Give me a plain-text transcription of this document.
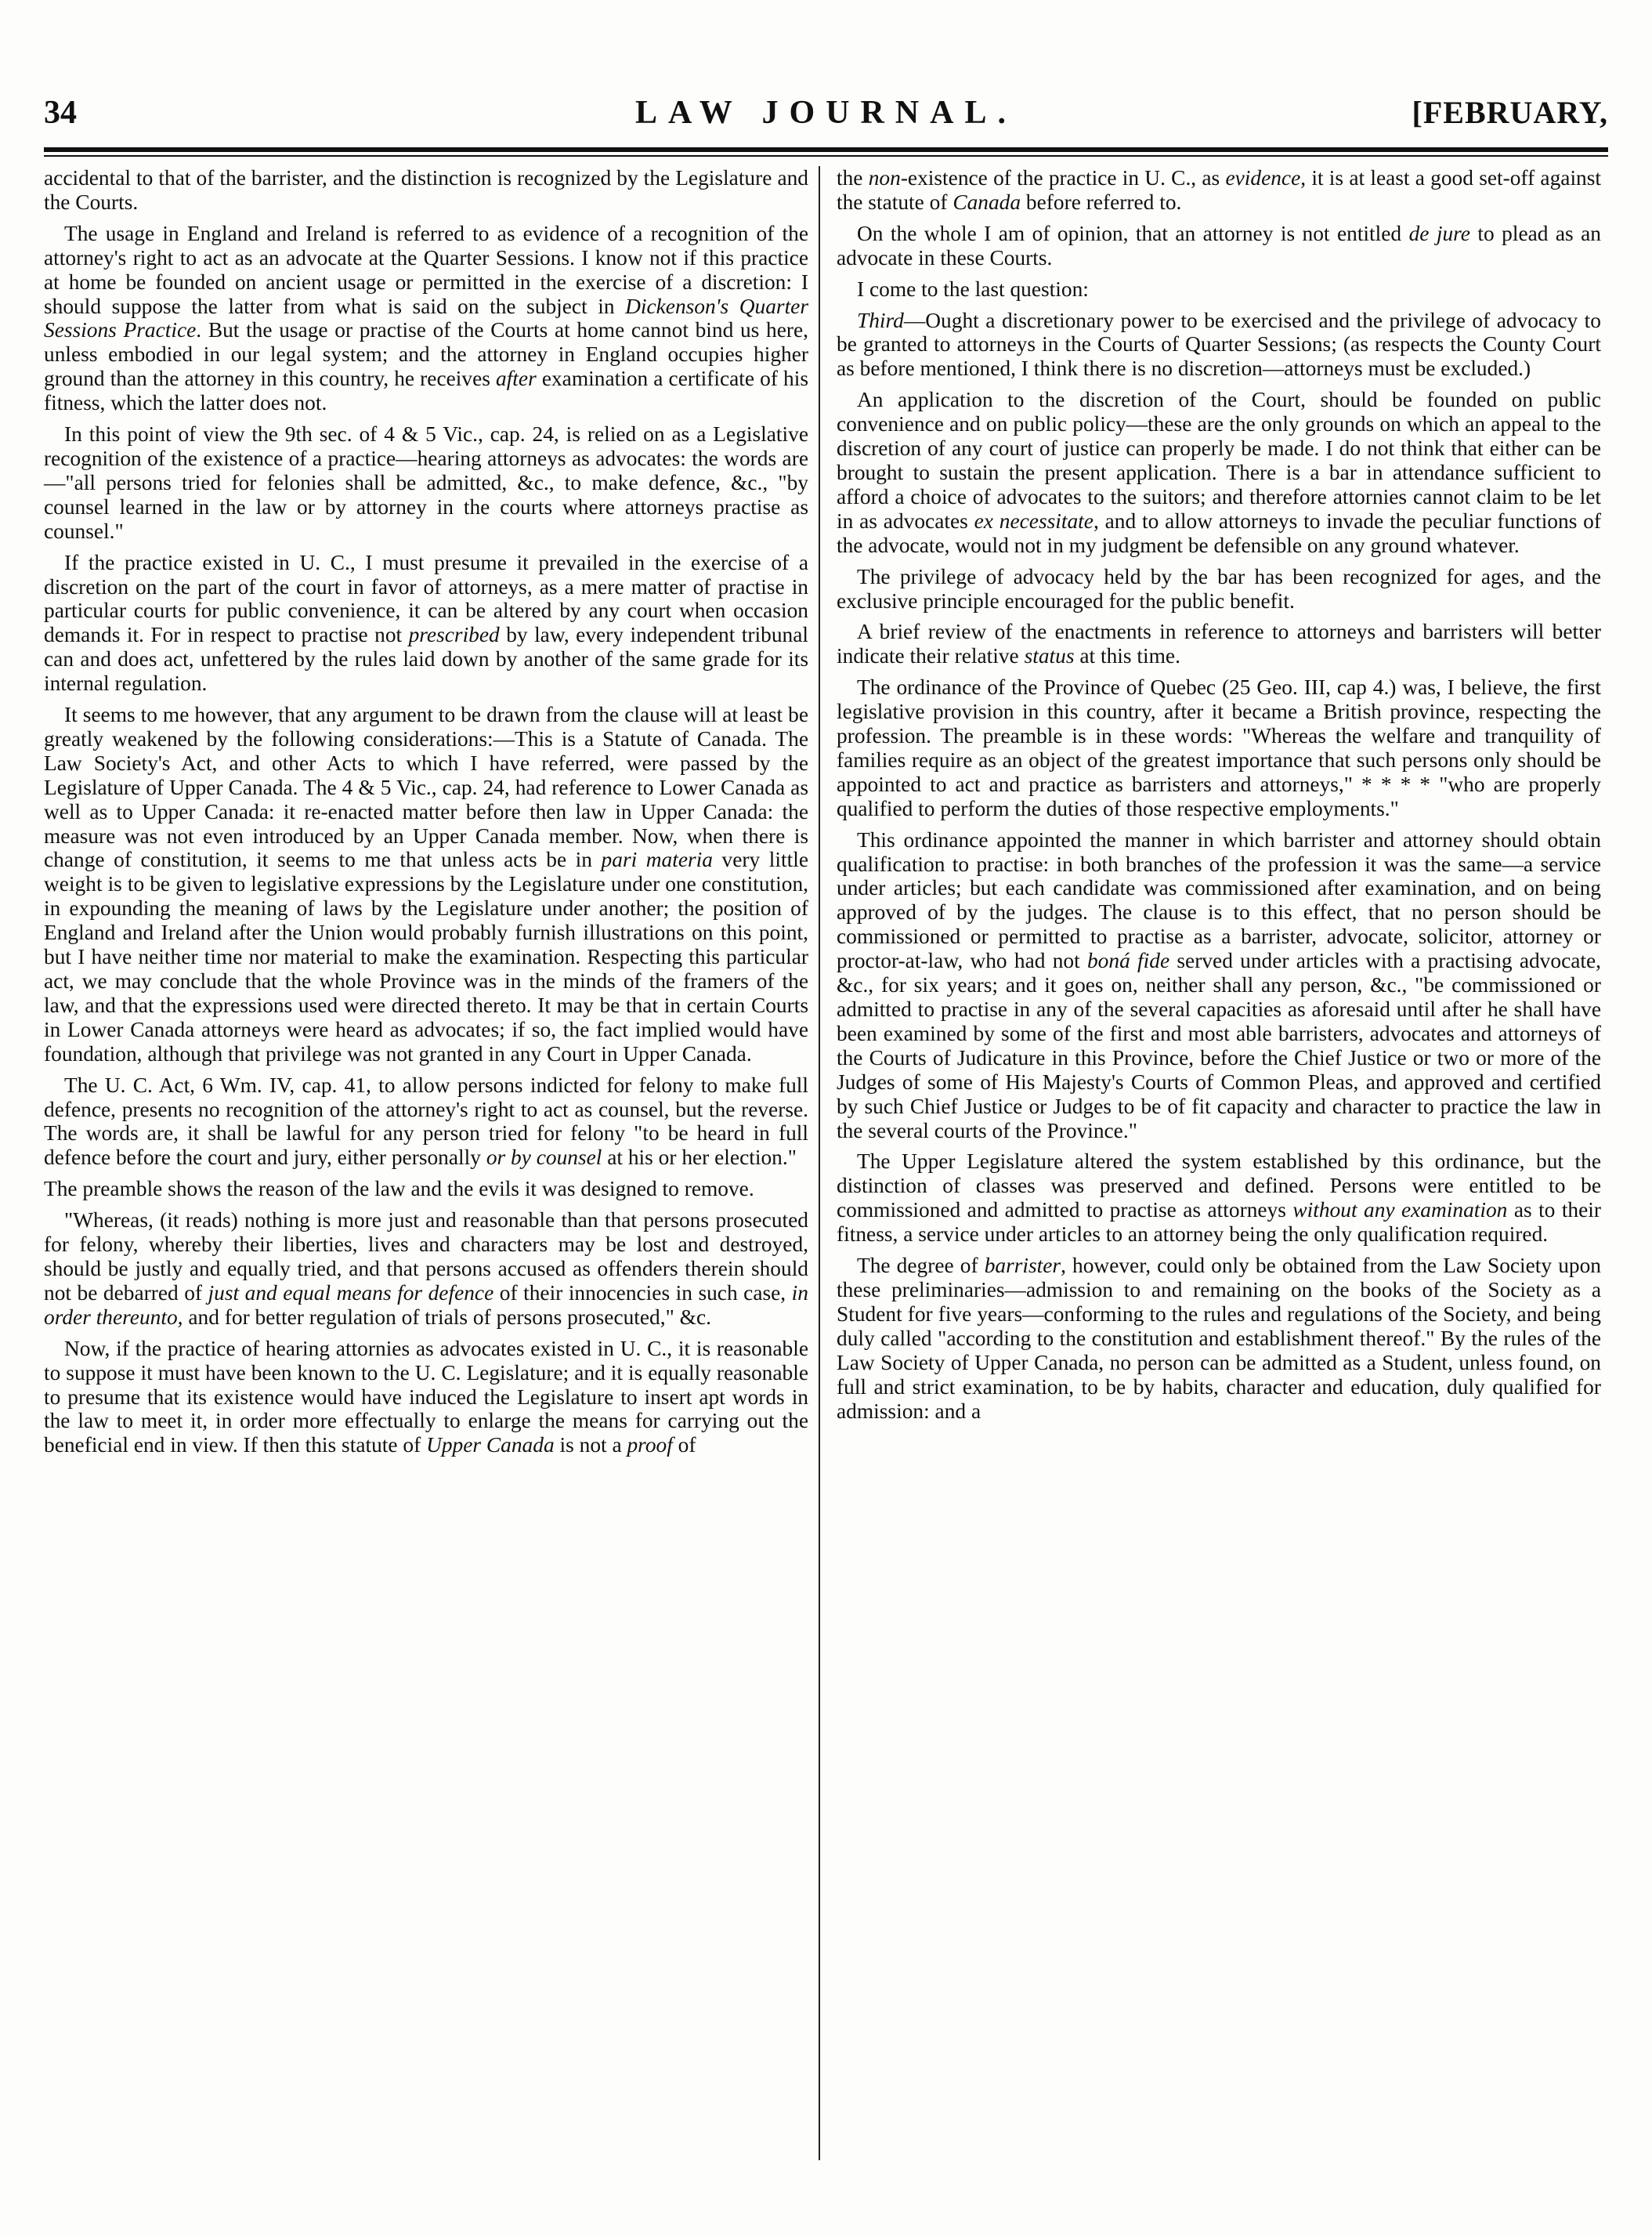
34	LAW JOURNAL.	[FEBRUARY,

accidental to that of the barrister, and the distinction is recognized by the Legislature and the Courts.

The usage in England and Ireland is referred to as evidence of a recognition of the attorney's right to act as an advocate at the Quarter Sessions. I know not if this practice at home be founded on ancient usage or permitted in the exercise of a discretion: I should suppose the latter from what is said on the subject in Dickenson's Quarter Sessions Practice. But the usage or practise of the Courts at home cannot bind us here, unless embodied in our legal system; and the attorney in England occupies higher ground than the attorney in this country, he receives after examination a certificate of his fitness, which the latter does not.

In this point of view the 9th sec. of 4 & 5 Vic., cap. 24, is relied on as a Legislative recognition of the existence of a practice—hearing attorneys as advocates: the words are—"all persons tried for felonies shall be admitted, &c., to make defence, &c., "by counsel learned in the law or by attorney in the courts where attorneys practise as counsel."

If the practice existed in U. C., I must presume it prevailed in the exercise of a discretion on the part of the court in favor of attorneys, as a mere matter of practise in particular courts for public convenience, it can be altered by any court when occasion demands it. For in respect to practise not prescribed by law, every independent tribunal can and does act, unfettered by the rules laid down by another of the same grade for its internal regulation.

It seems to me however, that any argument to be drawn from the clause will at least be greatly weakened by the following considerations:—This is a Statute of Canada. The Law Society's Act, and other Acts to which I have referred, were passed by the Legislature of Upper Canada. The 4 & 5 Vic., cap. 24, had reference to Lower Canada as well as to Upper Canada: it re-enacted matter before then law in Upper Canada: the measure was not even introduced by an Upper Canada member. Now, when there is change of constitution, it seems to me that unless acts be in pari materia very little weight is to be given to legislative expressions by the Legislature under one constitution, in expounding the meaning of laws by the Legislature under another; the position of England and Ireland after the Union would probably furnish illustrations on this point, but I have neither time nor material to make the examination. Respecting this particular act, we may conclude that the whole Province was in the minds of the framers of the law, and that the expressions used were directed thereto. It may be that in certain Courts in Lower Canada attorneys were heard as advocates; if so, the fact implied would have foundation, although that privilege was not granted in any Court in Upper Canada.

The U. C. Act, 6 Wm. IV, cap. 41, to allow persons indicted for felony to make full defence, presents no recognition of the attorney's right to act as counsel, but the reverse. The words are, it shall be lawful for any person tried for felony "to be heard in full defence before the court and jury, either personally or by counsel at his or her election."

The preamble shows the reason of the law and the evils it was designed to remove.

"Whereas, (it reads) nothing is more just and reasonable than that persons prosecuted for felony, whereby their liberties, lives and characters may be lost and destroyed, should be justly and equally tried, and that persons accused as offenders therein should not be debarred of just and equal means for defence of their innocencies in such case, in order thereunto, and for better regulation of trials of persons prosecuted," &c.

Now, if the practice of hearing attornies as advocates existed in U. C., it is reasonable to suppose it must have been known to the U. C. Legislature; and it is equally reasonable to presume that its existence would have induced the Legislature to insert apt words in the law to meet it, in order more effectually to enlarge the means for carrying out the beneficial end in view. If then this statute of Upper Canada is not a proof of

the non-existence of the practice in U. C., as evidence, it is at least a good set-off against the statute of Canada before referred to.

On the whole I am of opinion, that an attorney is not entitled de jure to plead as an advocate in these Courts.

I come to the last question:

Third—Ought a discretionary power to be exercised and the privilege of advocacy to be granted to attorneys in the Courts of Quarter Sessions; (as respects the County Court as before mentioned, I think there is no discretion—attorneys must be excluded.)

An application to the discretion of the Court, should be founded on public convenience and on public policy—these are the only grounds on which an appeal to the discretion of any court of justice can properly be made. I do not think that either can be brought to sustain the present application. There is a bar in attendance sufficient to afford a choice of advocates to the suitors; and therefore attornies cannot claim to be let in as advocates ex necessitate, and to allow attorneys to invade the peculiar functions of the advocate, would not in my judgment be defensible on any ground whatever.

The privilege of advocacy held by the bar has been recognized for ages, and the exclusive principle encouraged for the public benefit.

A brief review of the enactments in reference to attorneys and barristers will better indicate their relative status at this time.

The ordinance of the Province of Quebec (25 Geo. III, cap 4.) was, I believe, the first legislative provision in this country, after it became a British province, respecting the profession. The preamble is in these words: "Whereas the welfare and tranquility of families require as an object of the greatest importance that such persons only should be appointed to act and practice as barristers and attorneys," * * * * "who are properly qualified to perform the duties of those respective employments."

This ordinance appointed the manner in which barrister and attorney should obtain qualification to practise: in both branches of the profession it was the same—a service under articles; but each candidate was commissioned after examination, and on being approved of by the judges. The clause is to this effect, that no person should be commissioned or permitted to practise as a barrister, advocate, solicitor, attorney or proctor-at-law, who had not boná fide served under articles with a practising advocate, &c., for six years; and it goes on, neither shall any person, &c., "be commissioned or admitted to practise in any of the several capacities as aforesaid until after he shall have been examined by some of the first and most able barristers, advocates and attorneys of the Courts of Judicature in this Province, before the Chief Justice or two or more of the Judges of some of His Majesty's Courts of Common Pleas, and approved and certified by such Chief Justice or Judges to be of fit capacity and character to practice the law in the several courts of the Province."

The Upper Legislature altered the system established by this ordinance, but the distinction of classes was preserved and defined. Persons were entitled to be commissioned and admitted to practise as attorneys without any examination as to their fitness, a service under articles to an attorney being the only qualification required.

The degree of barrister, however, could only be obtained from the Law Society upon these preliminaries—admission to and remaining on the books of the Society as a Student for five years—conforming to the rules and regulations of the Society, and being duly called "according to the constitution and establishment thereof." By the rules of the Law Society of Upper Canada, no person can be admitted as a Student, unless found, on full and strict examination, to be by habits, character and education, duly qualified for admission: and a
